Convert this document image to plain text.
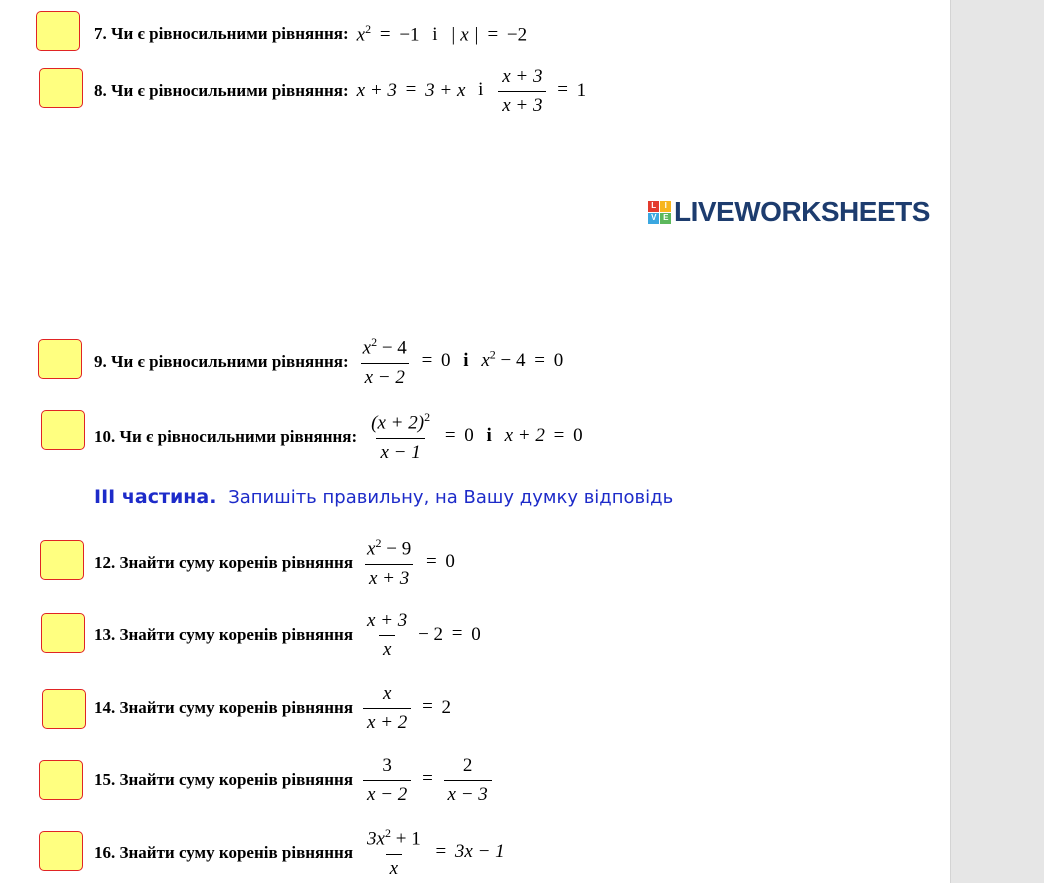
7. Чи є рівносильними рівняння: $x^2 = -1$ і | x | = −2
8. Чи є рівносильними рівняння: x + 3 = 3 + x і $\frac{x + 3}{x + 3} = 1$
L	I
V E LIVEWORKSHEETS
9. Чи є рівносильними рівняння: $\frac{x^2 - 4}{x - 2} = 0$ і $x^2 - 4 = 0$
10. Чи є рівносильними рівняння: $\frac{(x + 2)^2}{x - 1} = 0$ і x + 2 = 0
III частина. Запишіть правильну, на Вашу думку відповідь
12. Знайти суму коренів рівняння $\frac{x^2 - 9}{x + 3} = 0$
13. Знайти суму коренів рівняння $\frac{x + 3}{x} - 2 = 0$
14. Знайти суму коренів рівняння $\frac{x}{x + 2} = 2$
15. Знайти суму коренів рівняння $\frac{3}{x - 2} = \frac{2}{x - 3}$
16. Знайти суму коренів рівняння $\frac{3x^2 + 1}{x} = 3x - 1$
